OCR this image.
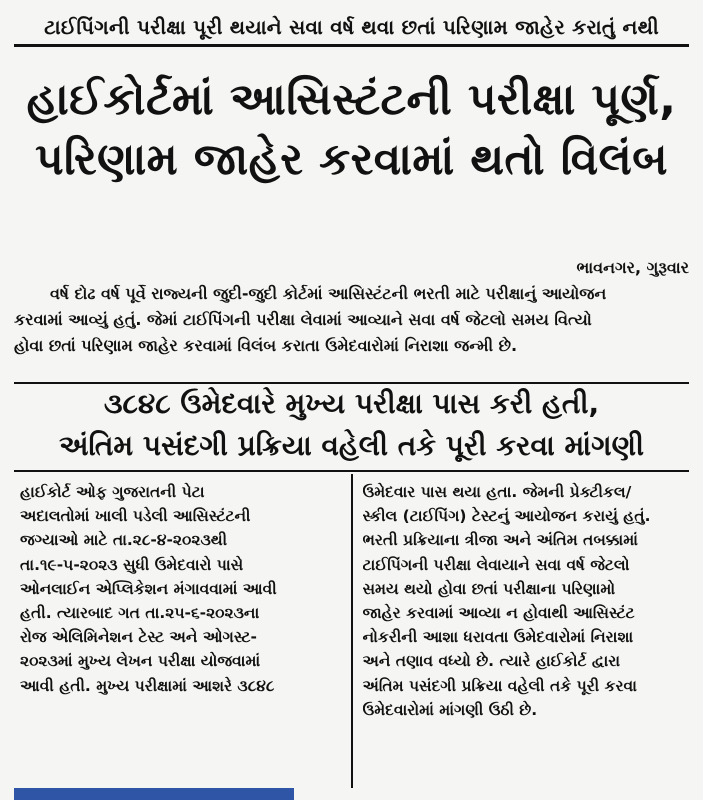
ટાઈપિંગની પરીક્ષા પૂરી થયાને સવા વર્ષ થવા છતાં પરિણામ જાહેર કરાતું નથી
હાઈકોર્ટમાં આસિસ્ટંટની પરીક્ષા પૂર્ણ,
પરિણામ જાહેર કરવામાં થતો વિલંબ
ભાવનગર, ગુરૂવાર

વર્ષ દોઢ વર્ષ પૂર્વે રાજ્યની જુદી-જુદી કોર્ટમાં આસિસ્ટંટની ભરતી માટે પરીક્ષાનું આયોજન

કરવામાં આવ્યું હતું. જેમાં ટાઈપિંગની પરીક્ષા લેવામાં આવ્યાને સવા વર્ષ જેટલો સમય વિત્યો

હોવા છતાં પરિણામ જાહેર કરવામાં વિલંબ કરાતા ઉમેદવારોમાં નિરાશા જન્મી છે.

૩૮૪૮ ઉમેદવારે મુખ્ય પરીક્ષા પાસ કરી હતી,
અંતિમ પસંદગી પ્રક્રિયા વહેલી તકે પૂરી કરવા માંગણી
હાઈકોર્ટ ઓફ ગુજરાતની પેટા
અદાલતોમાં ખાલી પડેલી આસિસ્ટંટની
જગ્યાઓ માટે તા.૨૮-૪-૨૦૨૩થી
તા.૧૯-૫-૨૦૨૩ સુધી ઉમેદવારો પાસે
ઓનલાઈન એપ્લિકેશન મંગાવવામાં આવી
હતી. ત્યારબાદ ગત તા.૨૫-૬-૨૦૨૩ના
રોજ એલિમિનેશન ટેસ્ટ અને ઓગસ્ટ-
૨૦૨૩માં મુખ્ય લેખન પરીક્ષા યોજવામાં
આવી હતી. મુખ્ય પરીક્ષામાં આશરે ૩૮૪૮
ઉમેદવાર પાસ થયા હતા. જેમની પ્રેક્ટીકલ/
સ્કીલ (ટાઈપિંગ) ટેસ્ટનું આયોજન કરાયું હતું.
ભરતી પ્રક્રિયાના ત્રીજા અને અંતિમ તબક્કામાં
ટાઈપિંગની પરીક્ષા લેવાયાને સવા વર્ષ જેટલો
સમય થયો હોવા છતાં પરીક્ષાના પરિણામો
જાહેર કરવામાં આવ્યા ન હોવાથી આસિસ્ટંટ
નોકરીની આશા ધરાવતા ઉમેદવારોમાં નિરાશા
અને તણાવ વધ્યો છે. ત્યારે હાઈકોર્ટ દ્વારા
અંતિમ પસંદગી પ્રક્રિયા વહેલી તકે પૂરી કરવા
ઉમેદવારોમાં માંગણી ઉઠી છે.
